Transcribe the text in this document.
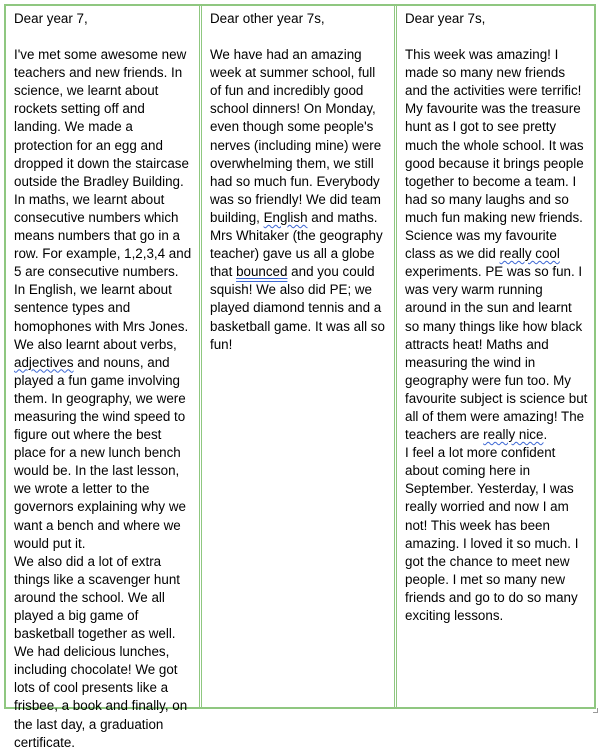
Dear year 7,

I've met some awesome new teachers and new friends. In science, we learnt about rockets setting off and landing. We made a protection for an egg and dropped it down the staircase outside the Bradley Building. In maths, we learnt about consecutive numbers which means numbers that go in a row. For example, 1,2,3,4 and 5 are consecutive numbers. In English, we learnt about sentence types and homophones with Mrs Jones. We also learnt about verbs, adjectives and nouns, and played a fun game involving them. In geography, we were measuring the wind speed to figure out where the best place for a new lunch bench would be. In the last lesson, we wrote a letter to the governors explaining why we want a bench and where we would put it.
We also did a lot of extra things like a scavenger hunt around the school. We all played a big game of basketball together as well. We had delicious lunches, including chocolate! We got lots of cool presents like a frisbee, a book and finally, on the last day, a graduation certificate.

Dear other year 7s,

We have had an amazing week at summer school, full of fun and incredibly good school dinners! On Monday, even though some people's nerves (including mine) were overwhelming them, we still had so much fun. Everybody was so friendly! We did team building, English and maths. Mrs Whitaker (the geography teacher) gave us all a globe that bounced and you could squish! We also did PE; we played diamond tennis and a basketball game. It was all so fun!

Dear year 7s,

This week was amazing! I made so many new friends and the activities were terrific! My favourite was the treasure hunt as I got to see pretty much the whole school. It was good because it brings people together to become a team. I had so many laughs and so much fun making new friends. Science was my favourite class as we did really cool experiments. PE was so fun. I was very warm running around in the sun and learnt so many things like how black attracts heat! Maths and measuring the wind in geography were fun too. My favourite subject is science but all of them were amazing! The teachers are really nice.
I feel a lot more confident about coming here in September. Yesterday, I was really worried and now I am not! This week has been amazing. I loved it so much. I got the chance to meet new people. I met so many new friends and go to do so many exciting lessons.
